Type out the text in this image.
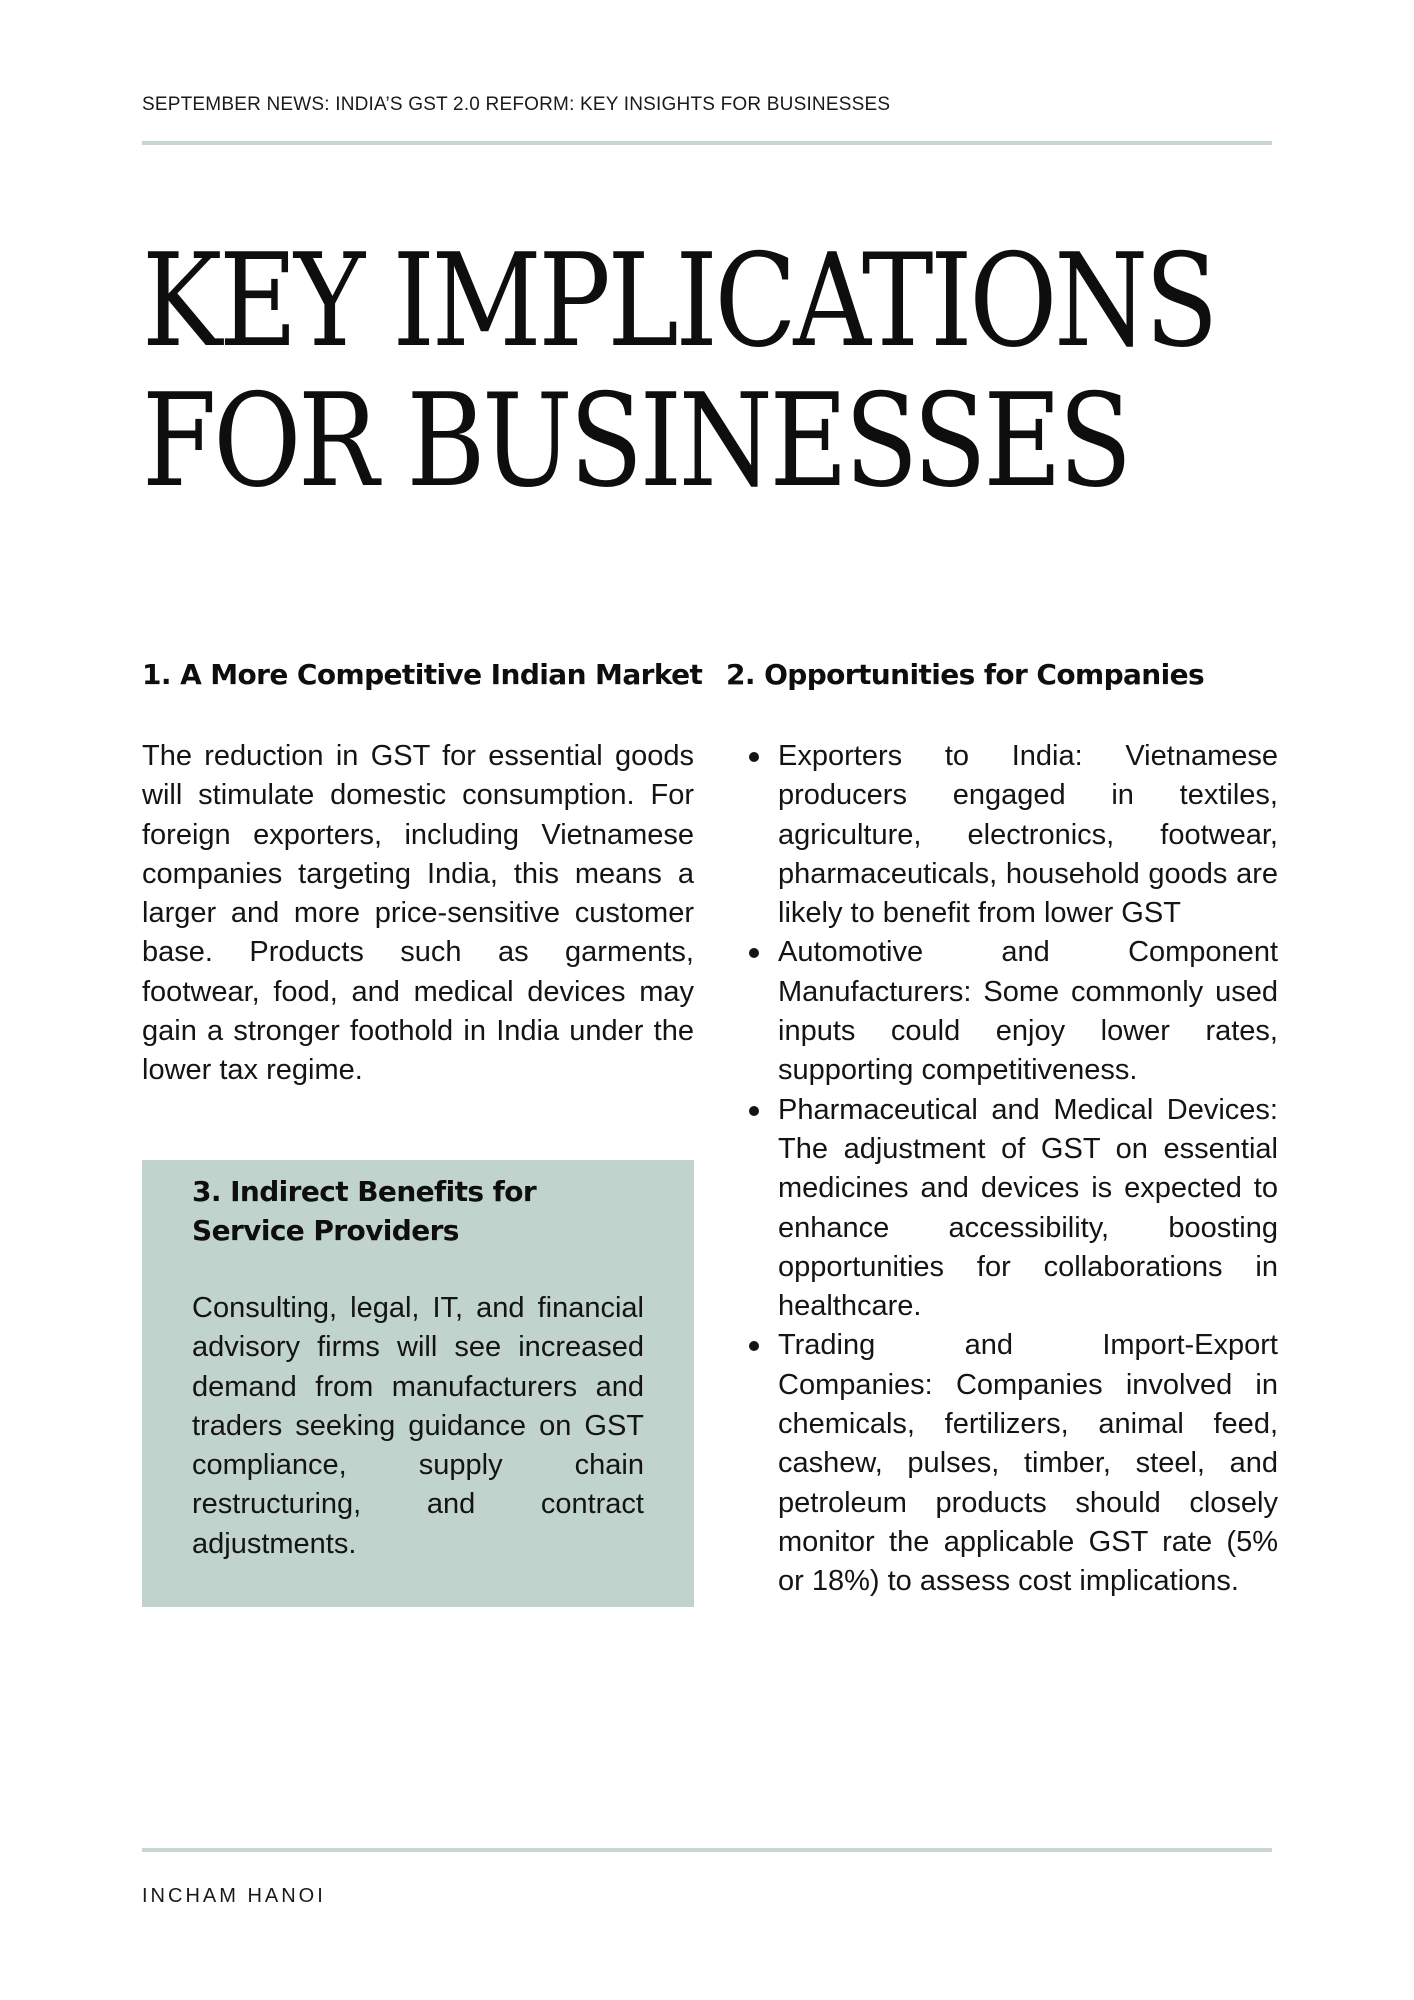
SEPTEMBER NEWS: INDIA’S GST 2.0 REFORM: KEY INSIGHTS FOR BUSINESSES
KEY IMPLICATIONS
FOR BUSINESSES
1. A More Competitive Indian Market

The reduction in GST for essential goods will stimulate domestic consumption. For foreign exporters, including Vietnamese companies targeting India, this means a larger and more price-sensitive customer base. Products such as garments, footwear, food, and medical devices may gain a stronger foothold in India under the lower tax regime.

3. Indirect Benefits for Service Providers

Consulting, legal, IT, and financial advisory firms will see increased demand from manufacturers and traders seeking guidance on GST compliance, supply chain restructuring, and contract adjustments.

2. Opportunities for Companies
Exporters to India: Vietnamese producers engaged in textiles, agriculture, electronics, footwear, pharmaceuticals, household goods are likely to benefit from lower GST
Automotive and Component Manufacturers: Some commonly used inputs could enjoy lower rates, supporting competitiveness.
Pharmaceutical and Medical Devices: The adjustment of GST on essential medicines and devices is expected to enhance accessibility, boosting opportunities for collaborations in healthcare.
Trading and Import-Export Companies: Companies involved in chemicals, fertilizers, animal feed, cashew, pulses, timber, steel, and petroleum products should closely monitor the applicable GST rate (5% or 18%) to assess cost implications.
INCHAM HANOI
